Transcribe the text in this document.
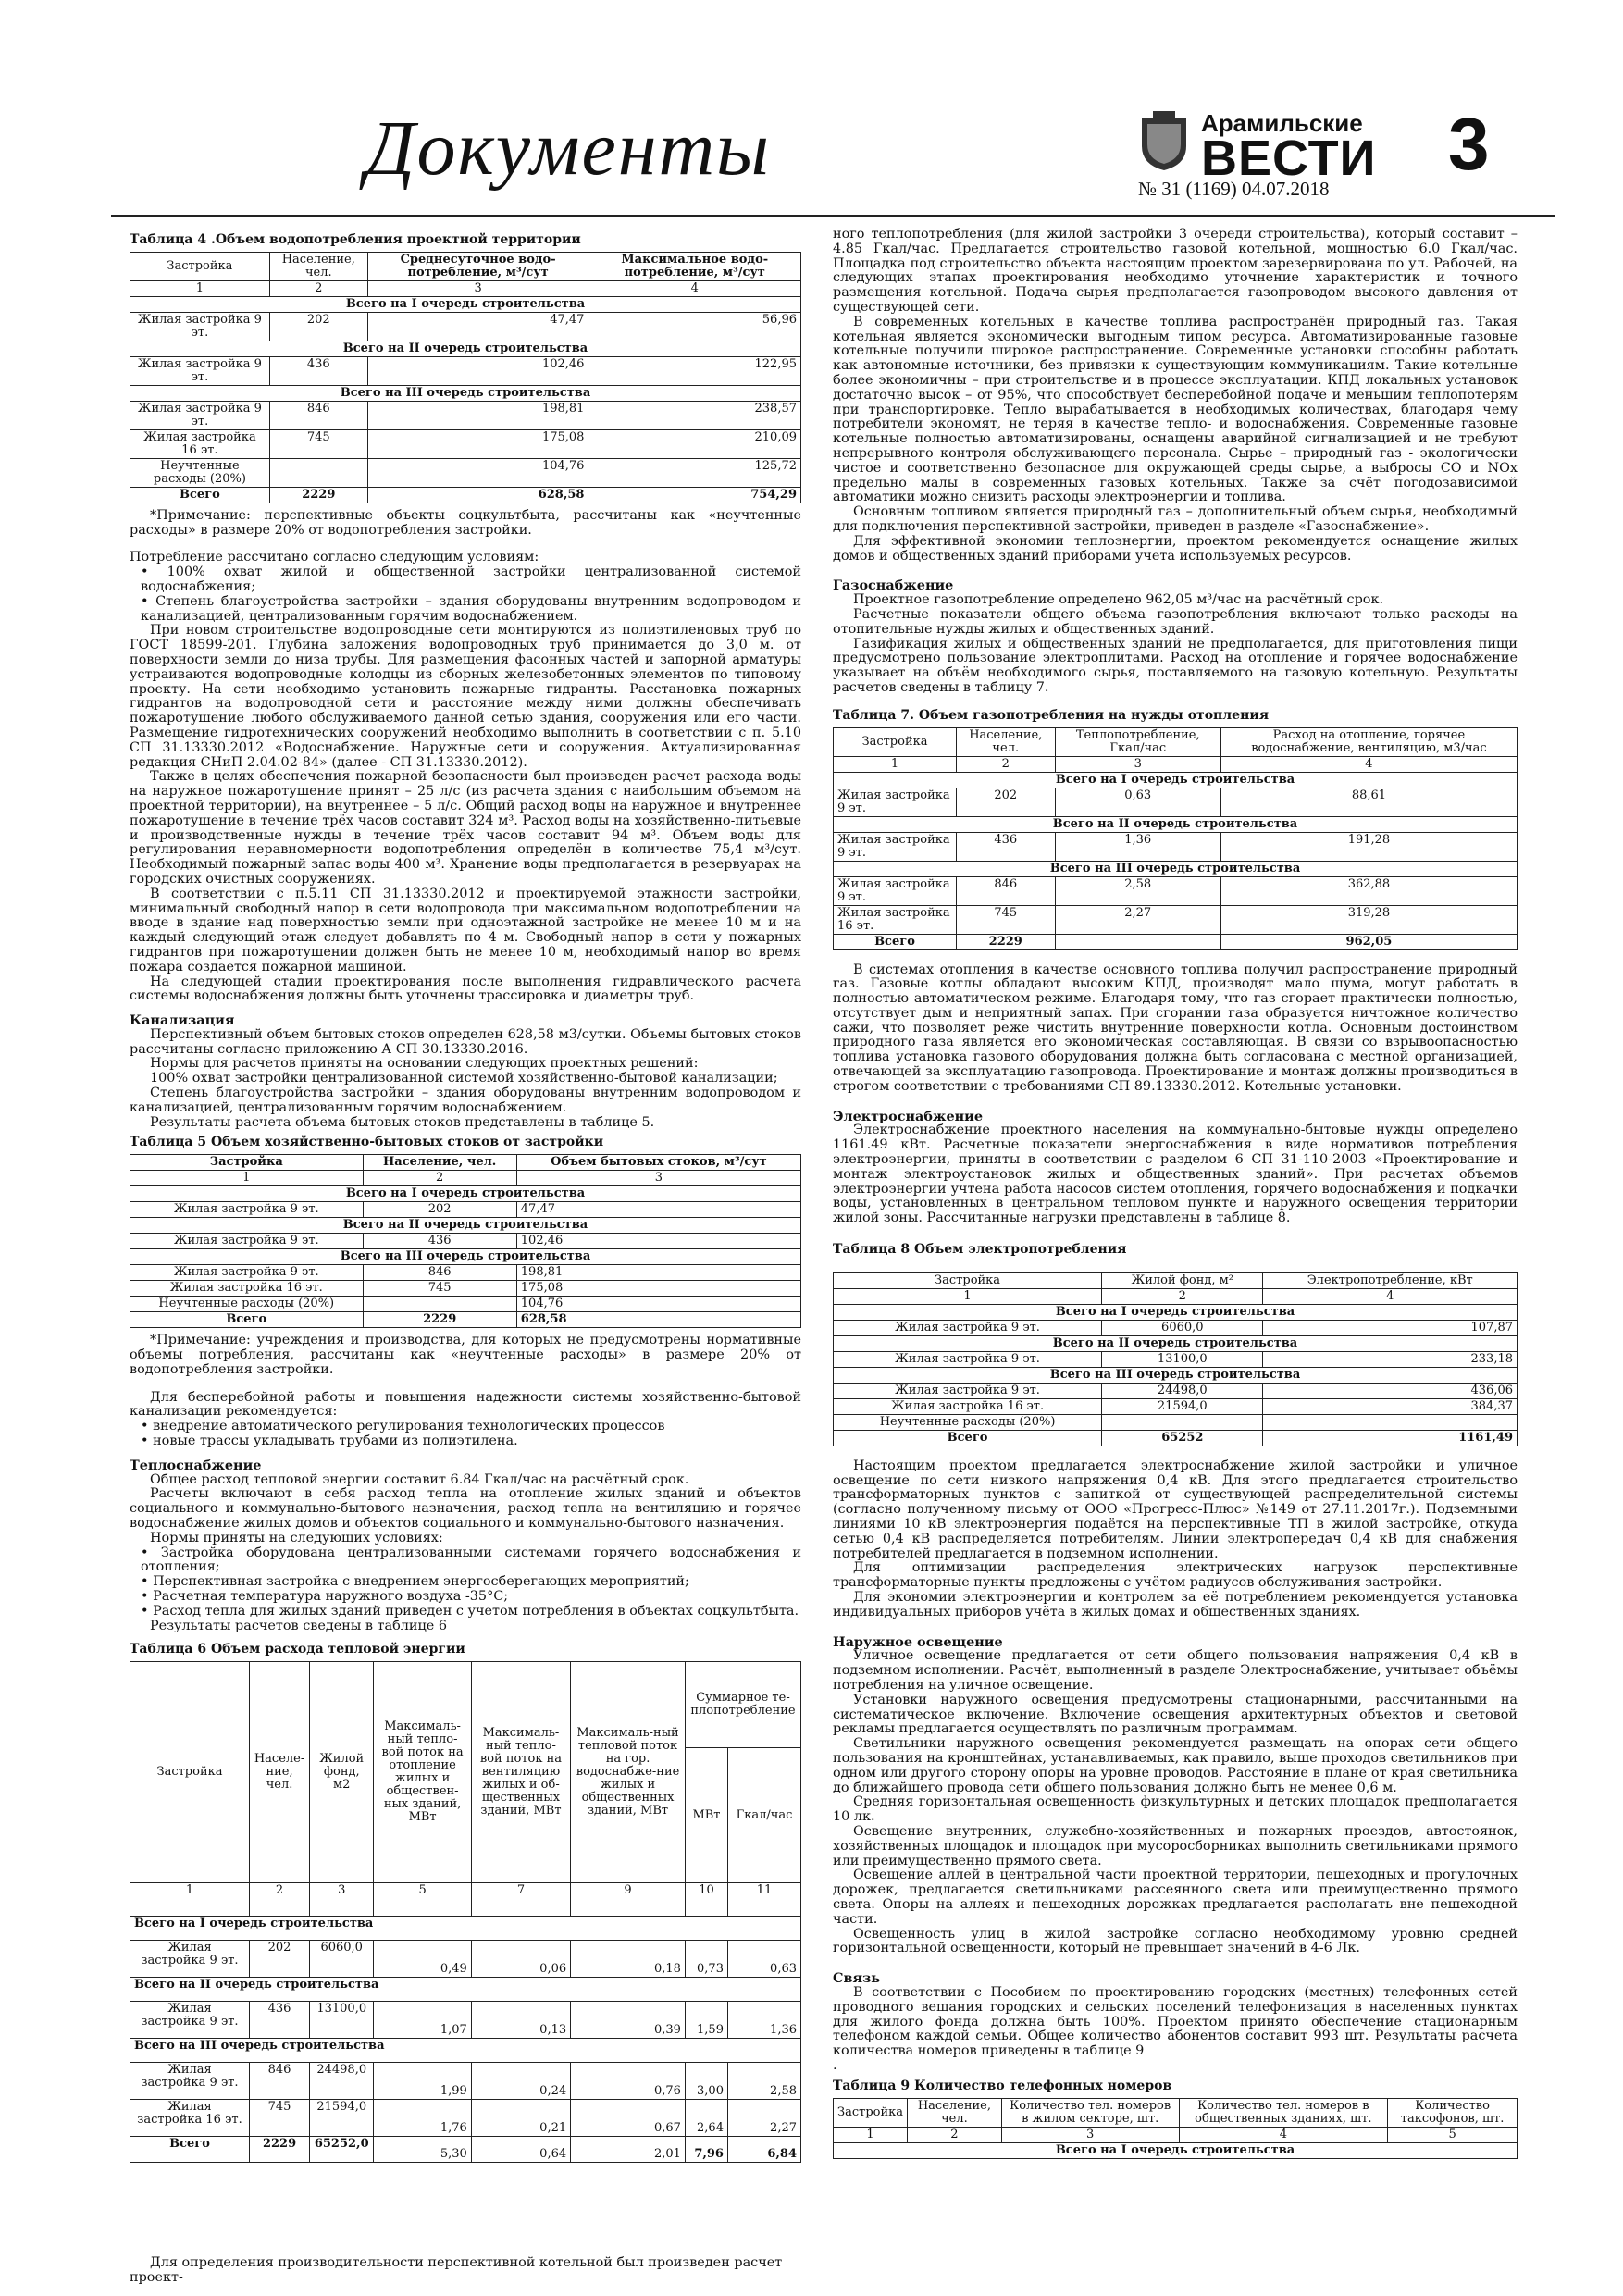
Документы	Арамильские
ВЕСТИ
№ 31 (1169) 04.07.2018
3
Таблица 4 .Объем водопотребления проектной территории
Застройка	Население, чел.	Среднесуточное водо-потребление, м³/сут	Максимальное водо-потребление, м³/сут
1	2	3	4
Всего на I очередь строительства			
Жилая застройка 9 эт.	202	47,47	56,96
Всего на II очередь строительства			
Жилая застройка 9 эт.	436	102,46	122,95
Всего на III очередь строительства			
Жилая застройка 9 эт.	846	198,81	238,57
Жилая застройка 16 эт.	745	175,08	210,09
Неучтенные расходы (20%)		104,76	125,72
Всего	2229	628,58	754,29

*Примечание: перспективные объекты соцкультбыта, рассчитаны как «неучтенные расходы» в размере 20% от водопотребления застройки.

Потребление рассчитано согласно следующим условиям:

• 100% охват жилой и общественной застройки централизованной системой водоснабжения;

• Степень благоустройства застройки – здания оборудованы внутренним водопроводом и канализацией, централизованным горячим водоснабжением.

При новом строительстве водопроводные сети монтируются из полиэтиленовых труб по ГОСТ 18599-201. Глубина заложения водопроводных труб принимается до 3,0 м. от поверхности земли до низа трубы. Для размещения фасонных частей и запорной арматуры устраиваются водопроводные колодцы из сборных железобетонных элементов по типовому проекту. На сети необходимо установить пожарные гидранты. Расстановка пожарных гидрантов на водопроводной сети и расстояние между ними должны обеспечивать пожаротушение любого обслуживаемого данной сетью здания, сооружения или его части. Размещение гидротехнических сооружений необходимо выполнить в соответствии с п. 5.10 СП 31.13330.2012 «Водоснабжение. Наружные сети и сооружения. Актуализированная редакция СНиП 2.04.02-84» (далее - СП 31.13330.2012).

Также в целях обеспечения пожарной безопасности был произведен расчет расхода воды на наружное пожаротушение принят – 25 л/с (из расчета здания с наибольшим объемом на проектной территории), на внутреннее – 5 л/с. Общий расход воды на наружное и внутреннее пожаротушение в течение трёх часов составит 324 м³. Расход воды на хозяйственно-питьевые и производственные нужды в течение трёх часов составит 94 м³. Объем воды для регулирования неравномерности водопотребления определён в количестве 75,4 м³/сут. Необходимый пожарный запас воды 400 м³. Хранение воды предполагается в резервуарах на городских очистных сооружениях.

В соответствии с п.5.11 СП 31.13330.2012 и проектируемой этажности застройки, минимальный свободный напор в сети водопровода при максимальном водопотреблении на вводе в здание над поверхностью земли при одноэтажной застройке не менее 10 м и на каждый следующий этаж следует добавлять по 4 м. Свободный напор в сети у пожарных гидрантов при пожаротушении должен быть не менее 10 м, необходимый напор во время пожара создается пожарной машиной.

На следующей стадии проектирования после выполнения гидравлического расчета системы водоснабжения должны быть уточнены трассировка и диаметры труб.

Канализация

Перспективный объем бытовых стоков определен 628,58 м3/сутки. Объемы бытовых стоков рассчитаны согласно приложению А СП 30.13330.2016.

Нормы для расчетов приняты на основании следующих проектных решений:

100% охват застройки централизованной системой хозяйственно-бытовой канализации;

Степень благоустройства застройки – здания оборудованы внутренним водопроводом и канализацией, централизованным горячим водоснабжением.

Результаты расчета объема бытовых стоков представлены в таблице 5.

Таблица 5 Объем хозяйственно-бытовых стоков от застройки
Застройка	Население, чел.	Объем бытовых стоков, м³/сут
1	2	3
Всего на I очередь строительства		
Жилая застройка 9 эт.	202	47,47
Всего на II очередь строительства		
Жилая застройка 9 эт.	436	102,46
Всего на III очередь строительства		
Жилая застройка 9 эт.	846	198,81
Жилая застройка 16 эт.	745	175,08
Неучтенные расходы (20%)		104,76
Всего	2229	628,58

*Примечание: учреждения и производства, для которых не предусмотрены нормативные объемы потребления, рассчитаны как «неучтенные расходы» в размере 20% от водопотребления застройки.

Для бесперебойной работы и повышения надежности системы хозяйственно-бытовой канализации рекомендуется:

• внедрение автоматического регулирования технологических процессов

• новые трассы укладывать трубами из полиэтилена.

Теплоснабжение

Общее расход тепловой энергии составит 6.84 Гкал/час на расчётный срок.

Расчеты включают в себя расход тепла на отопление жилых зданий и объектов социального и коммунально-бытового назначения, расход тепла на вентиляцию и горячее водоснабжение жилых домов и объектов социального и коммунально-бытового назначения.

Нормы приняты на следующих условиях:

• Застройка оборудована централизованными системами горячего водоснабжения и отопления;

• Перспективная застройка с внедрением энергосберегающих мероприятий;

• Расчетная температура наружного воздуха -35°С;

• Расход тепла для жилых зданий приведен с учетом потребления в объектах соцкультбыта.

Результаты расчетов сведены в таблице 6

Таблица 6 Объем расхода тепловой энергии
Застройка	Населе-ние, чел.	Жилой фонд, м2	Максималь-ный тепло-вой поток на отопление жилых и обществен-ных зданий, МВт	Максималь-ный тепло-вой поток на вентиляцию жилых и об-щественных зданий, МВт	Максималь-ный тепловой поток на гор. водоснабже-ние жилых и общественных зданий, МВт	Суммарное те-плопотребление	
						МВт	Гкал/час
1	2	3	5	7	9	10	11
Всего на I очередь строительства							
Жилая застройка 9 эт.	202	6060,0	0,49	0,06	0,18	0,73	0,63
Всего на II очередь строительства							
Жилая застройка 9 эт.	436	13100,0	1,07	0,13	0,39	1,59	1,36
Всего на III очередь строительства							
Жилая застройка 9 эт.	846	24498,0	1,99	0,24	0,76	3,00	2,58
Жилая застройка 16 эт.	745	21594,0	1,76	0,21	0,67	2,64	2,27
Всего	2229	65252,0	5,30	0,64	2,01	7,96	6,84

Для определения производительности перспективной котельной был произведен расчет проект-

ного теплопотребления (для жилой застройки 3 очереди строительства), который составит – 4.85 Гкал/час. Предлагается строительство газовой котельной, мощностью 6.0 Гкал/час. Площадка под строительство объекта настоящим проектом зарезервирована по ул. Рабочей, на следующих этапах проектирования необходимо уточнение характеристик и точного размещения котельной. Подача сырья предполагается газопроводом высокого давления от существующей сети.

В современных котельных в качестве топлива распространён природный газ. Такая котельная является экономически выгодным типом ресурса. Автоматизированные газовые котельные получили широкое распространение. Современные установки способны работать как автономные источники, без привязки к существующим коммуникациям. Такие котельные более экономичны – при строительстве и в процессе эксплуатации. КПД локальных установок достаточно высок – от 95%, что способствует бесперебойной подаче и меньшим теплопотерям при транспортировке. Тепло вырабатывается в необходимых количествах, благодаря чему потребители экономят, не теряя в качестве тепло- и водоснабжения. Современные газовые котельные полностью автоматизированы, оснащены аварийной сигнализацией и не требуют непрерывного контроля обслуживающего персонала. Сырье – природный газ - экологически чистое и соответственно безопасное для окружающей среды сырье, а выбросы CO и NOx предельно малы в современных газовых котельных. Также за счёт погодозависимой автоматики можно снизить расходы электроэнергии и топлива.

Основным топливом является природный газ – дополнительный объем сырья, необходимый для подключения перспективной застройки, приведен в разделе «Газоснабжение».

Для эффективной экономии теплоэнергии, проектом рекомендуется оснащение жилых домов и общественных зданий приборами учета используемых ресурсов.

Газоснабжение

Проектное газопотребление определено 962,05 м³/час на расчётный срок.

Расчетные показатели общего объема газопотребления включают только расходы на отопительные нужды жилых и общественных зданий.

Газификация жилых и общественных зданий не предполагается, для приготовления пищи предусмотрено пользование электроплитами. Расход на отопление и горячее водоснабжение указывает на объём необходимого сырья, поставляемого на газовую котельную. Результаты расчетов сведены в таблицу 7.

Таблица 7. Объем газопотребления на нужды отопления
Застройка	Население, чел.	Теплопотребление, Гкал/час	Расход на отопление, горячее водоснабжение, вентиляцию, м3/час
1	2	3	4
Всего на I очередь строительства			
Жилая застройка 9 эт.	202	0,63	88,61
Всего на II очередь строительства			
Жилая застройка 9 эт.	436	1,36	191,28
Всего на III очередь строительства			
Жилая застройка 9 эт.	846	2,58	362,88
Жилая застройка 16 эт.	745	2,27	319,28
Всего	2229		962,05

В системах отопления в качестве основного топлива получил распространение природный газ. Газовые котлы обладают высоким КПД, производят мало шума, могут работать в полностью автоматическом режиме. Благодаря тому, что газ сгорает практически полностью, отсутствует дым и неприятный запах. При сгорании газа образуется ничтожное количество сажи, что позволяет реже чистить внутренние поверхности котла. Основным достоинством природного газа является его экономическая составляющая. В связи со взрывоопасностью топлива установка газового оборудования должна быть согласована с местной организацией, отвечающей за эксплуатацию газопровода. Проектирование и монтаж должны производиться в строгом соответствии с требованиями СП 89.13330.2012. Котельные установки.

Электроснабжение

Электроснабжение проектного населения на коммунально-бытовые нужды определено 1161.49 кВт. Расчетные показатели энергоснабжения в виде нормативов потребления электроэнергии, приняты в соответствии с разделом 6 СП 31-110-2003 «Проектирование и монтаж электроустановок жилых и общественных зданий». При расчетах объемов электроэнергии учтена работа насосов систем отопления, горячего водоснабжения и подкачки воды, установленных в центральном тепловом пункте и наружного освещения территории жилой зоны. Рассчитанные нагрузки представлены в таблице 8.

Таблица 8 Объем электропотребления
Застройка	Жилой фонд, м²	Электропотребление, кВт
1	2	4
Всего на I очередь строительства		
Жилая застройка 9 эт.	6060,0	107,87
Всего на II очередь строительства		
Жилая застройка 9 эт.	13100,0	233,18
Всего на III очередь строительства		
Жилая застройка 9 эт.	24498,0	436,06
Жилая застройка 16 эт.	21594,0	384,37
Неучтенные расходы (20%)		
Всего	65252	1161,49

Настоящим проектом предлагается электроснабжение жилой застройки и уличное освещение по сети низкого напряжения 0,4 кВ. Для этого предлагается строительство трансформаторных пунктов с запиткой от существующей распределительной системы (согласно полученному письму от ООО «Прогресс-Плюс» №149 от 27.11.2017г.). Подземными линиями 10 кВ электроэнергия подаётся на перспективные ТП в жилой застройке, откуда сетью 0,4 кВ распределяется потребителям. Линии электропередач 0,4 кВ для снабжения потребителей предлагается в подземном исполнении.

Для оптимизации распределения электрических нагрузок перспективные трансформаторные пункты предложены с учётом радиусов обслуживания застройки.

Для экономии электроэнергии и контролем за её потреблением рекомендуется установка индивидуальных приборов учёта в жилых домах и общественных зданиях.

Наружное освещение

Уличное освещение предлагается от сети общего пользования напряжения 0,4 кВ в подземном исполнении. Расчёт, выполненный в разделе Электроснабжение, учитывает объёмы потребления на уличное освещение.

Установки наружного освещения предусмотрены стационарными, рассчитанными на систематическое включение. Включение освещения архитектурных объектов и световой рекламы предлагается осуществлять по различным программам.

Светильники наружного освещения рекомендуется размещать на опорах сети общего пользования на кронштейнах, устанавливаемых, как правило, выше проходов светильников при одном или другого сторону опоры на уровне проводов. Расстояние в плане от края светильника до ближайшего провода сети общего пользования должно быть не менее 0,6 м.

Средняя горизонтальная освещенность физкультурных и детских площадок предполагается 10 лк.

Освещение внутренних, служебно-хозяйственных и пожарных проездов, автостоянок, хозяйственных площадок и площадок при мусоросборниках выполнить светильниками прямого или преимущественно прямого света.

Освещение аллей в центральной части проектной территории, пешеходных и прогулочных дорожек, предлагается светильниками рассеянного света или преимущественно прямого света. Опоры на аллеях и пешеходных дорожках предлагается располагать вне пешеходной части.

Освещенность улиц в жилой застройке согласно необходимому уровню средней горизонтальной освещенности, который не превышает значений в 4-6 Лк.

Связь

В соответствии с Пособием по проектированию городских (местных) телефонных сетей проводного вещания городских и сельских поселений телефонизация в населенных пунктах для жилого фонда должна быть 100%. Проектом принято обеспечение стационарным телефоном каждой семьи. Общее количество абонентов составит 993 шт. Результаты расчета количества номеров приведены в таблице 9

.

Таблица 9 Количество телефонных номеров
Застройка	Население, чел.	Количество тел. номеров в жилом секторе, шт.	Количество тел. номеров в общественных зданиях, шт.	Количество таксофонов, шт.
1	2	3	4	5
Всего на I очередь строительства				
